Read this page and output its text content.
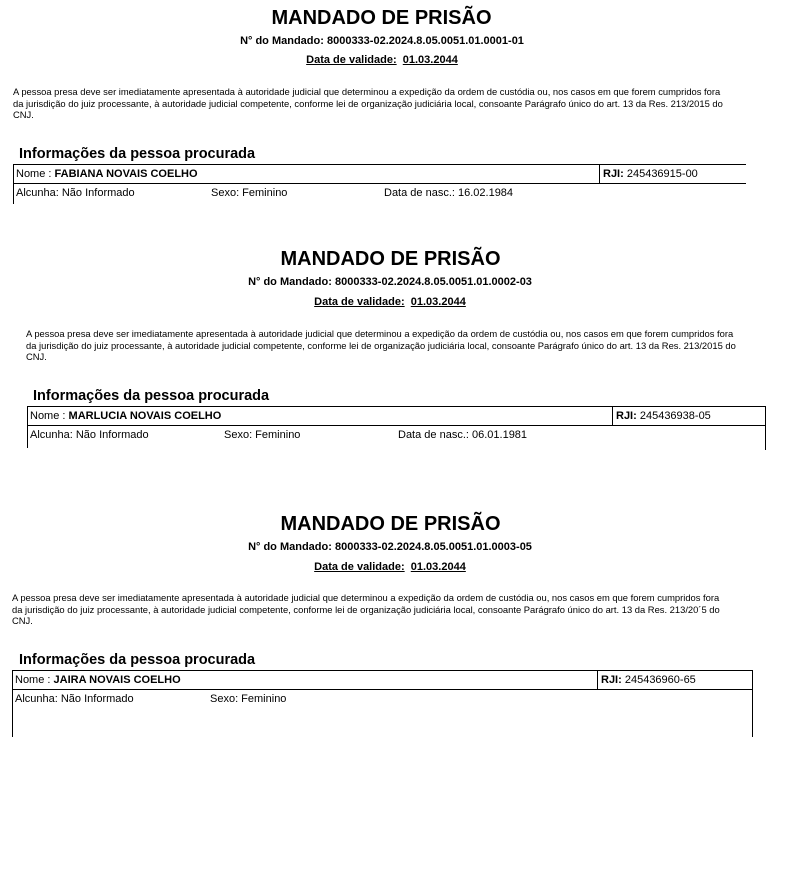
MANDADO DE PRISÃO
N° do Mandado: 8000333-02.2024.8.05.0051.01.0001-01
Data de validade: 01.03.2044

A pessoa presa deve ser imediatamente apresentada à autoridade judicial que determinou a expedição da ordem de custódia ou, nos casos em que forem cumpridos fora da jurisdição do juiz processante, à autoridade judicial competente, conforme lei de organização judiciária local, consoante Parágrafo único do art. 13 da Res. 213/2015 do CNJ.

Informações da pessoa procurada
Nome : FABIANA NOVAIS COELHO	RJI: 245436915-00
Alcunha: Não Informado	Sexo: Feminino	Data de nasc.: 16.02.1984
MANDADO DE PRISÃO
N° do Mandado: 8000333-02.2024.8.05.0051.01.0002-03
Data de validade: 01.03.2044

A pessoa presa deve ser imediatamente apresentada à autoridade judicial que determinou a expedição da ordem de custódia ou, nos casos em que forem cumpridos fora da jurisdição do juiz processante, à autoridade judicial competente, conforme lei de organização judiciária local, consoante Parágrafo único do art. 13 da Res. 213/2015 do CNJ.

Informações da pessoa procurada
Nome : MARLUCIA NOVAIS COELHO	RJI: 245436938-05
Alcunha: Não Informado	Sexo: Feminino	Data de nasc.: 06.01.1981
MANDADO DE PRISÃO
N° do Mandado: 8000333-02.2024.8.05.0051.01.0003-05
Data de validade: 01.03.2044

A pessoa presa deve ser imediatamente apresentada à autoridade judicial que determinou a expedição da ordem de custódia ou, nos casos em que forem cumpridos fora da jurisdição do juiz processante, à autoridade judicial competente, conforme lei de organização judiciária local, consoante Parágrafo único do art. 13 da Res. 213/20´5 do CNJ.

Informações da pessoa procurada
Nome : JAIRA NOVAIS COELHO	RJI: 245436960-65
Alcunha: Não Informado	Sexo: Feminino
